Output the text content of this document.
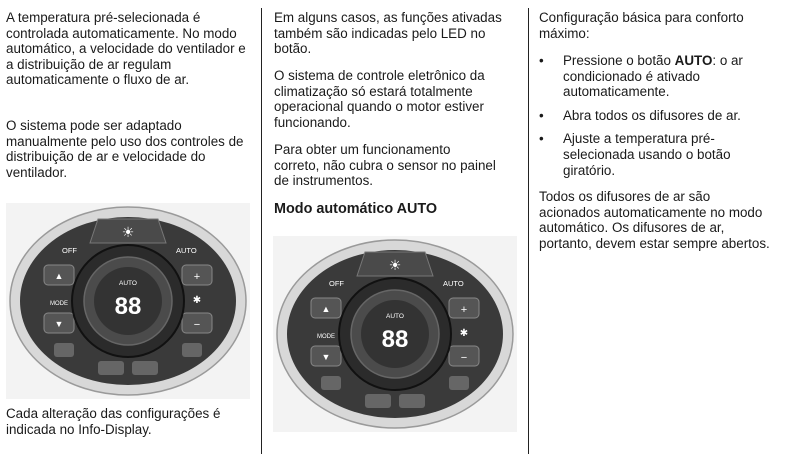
A temperatura pré-selecionada é controlada automaticamente. No modo automático, a velocidade do ventilador e a distribuição de ar regulam automaticamente o fluxo de ar.

O sistema pode ser adaptado manualmente pelo uso dos controles de distribuição de ar e velocidade do ventilador.

Cada alteração das configurações é indicada no Info-Display.

Em alguns casos, as funções ativadas também são indicadas pelo LED no botão.

O sistema de controle eletrônico da climatização só estará totalmente operacional quando o motor estiver funcionando.

Para obter um funcionamento correto, não cubra o sensor no painel de instrumentos.

Modo automático AUTO

Configuração básica para conforto máximo:

• Pressione o botão AUTO: o ar condicionado é ativado automaticamente.
• Abra todos os difusores de ar.
• Ajuste a temperatura pré-selecionada usando o botão giratório.

Todos os difusores de ar são acionados automaticamente no modo automático. Os difusores de ar, portanto, devem estar sempre abertos.

☀
OFF	AUTO
▲
MODE
▼
+
✱
−
AUTO
88
☀
OFF	AUTO
▲
MODE
▼
+
✱
−
AUTO
88
